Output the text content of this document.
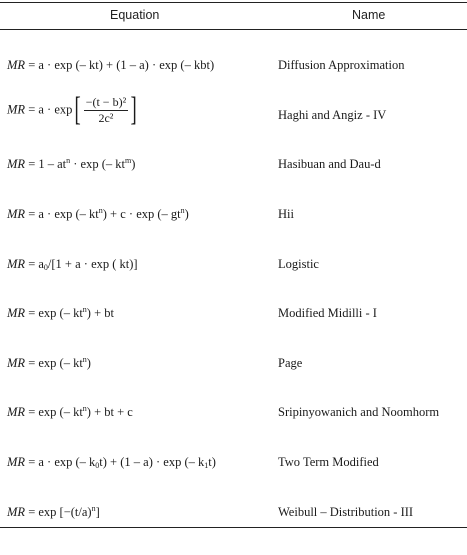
Equation	Name
MR = a · exp (– kt) + (1 – a) · exp (– kbt)	Diffusion Approximation
MR = $a \cdot \exp[ \frac{\text{−(t − b)²}}{\text{2c²}}$ ]	Haghi and Angiz - IV
MR = $1 - at^n \cdot \exp$ (– $kt^m$)	Hasibuan and Dau-d
MR = a · exp (– $kt^n) + c \cdot \exp$ (– $gt^n$)	Hii
MR = $a_0/[1 + a \cdot \exp$ ( kt)]	Logistic
MR = exp (– $kt^n$) + bt	Modified Midilli - I
MR = exp (– $kt^n$)	Page
MR = exp (– $kt^n$) + bt + c	Sripinyowanich and Noomhorm
MR = a · exp (– $k_0t) + (1 - a) \cdot \exp$ (– $k_1t$)	Two Term Modified
MR = $\exp [-(t/a)^n]$	Weibull – Distribution - III
